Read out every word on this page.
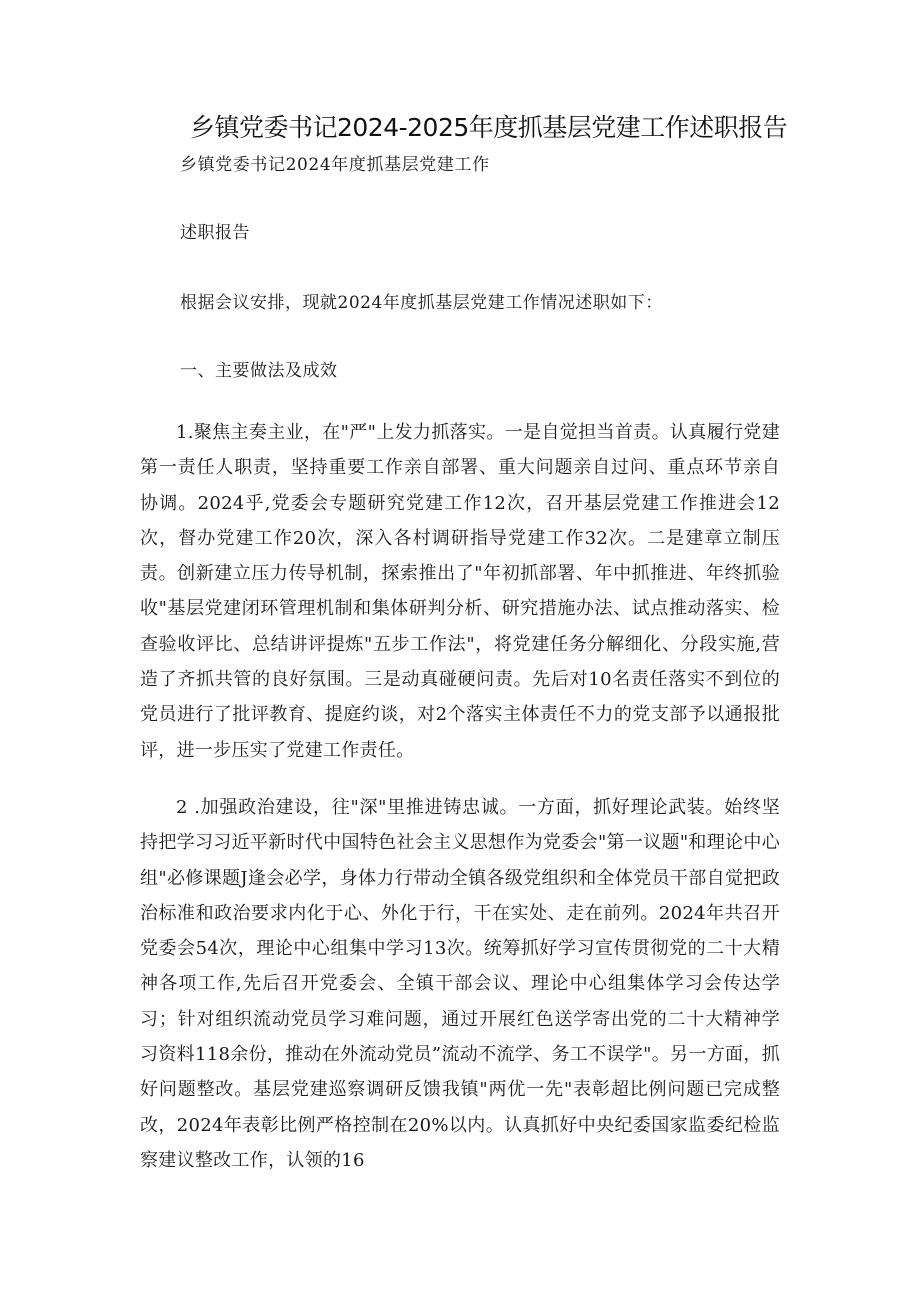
乡镇党委书记2024-2025年度抓基层党建工作述职报告
乡镇党委书记2024年度抓基层党建工作
述职报告
根据会议安排，现就2024年度抓基层党建工作情况述职如下：
一、主要做法及成效

1.聚焦主奏主业，在"严"上发力抓落实。一是自觉担当首责。认真履行党建第一责任人职责，坚持重要工作亲自部署、重大问题亲自过问、重点环节亲自协调。2024乎,党委会专题研究党建工作12次，召开基层党建工作推进会12次，督办党建工作20次，深入各村调研指导党建工作32次。二是建章立制压责。创新建立压力传导机制，探索推出了"年初抓部署、年中抓推进、年终抓验收"基层党建闭环管理机制和集体研判分析、研究措施办法、试点推动落实、检查验收评比、总结讲评提炼"五步工作法"，将党建任务分解细化、分段实施,营造了齐抓共管的良好氛围。三是动真碰硬问责。先后对10名责任落实不到位的党员进行了批评教育、提庭约谈，对2个落实主体责任不力的党支部予以通报批评，进一步压实了党建工作责任。

2 .加强政治建设，往"深"里推进铸忠诚。一方面，抓好理论武装。始终坚持把学习习近平新时代中国特色社会主义思想作为党委会"第一议题"和理论中心组"必修课题J逢会必学，身体力行带动全镇各级党组织和全体党员干部自觉把政治标准和政治要求内化于心、外化于行，干在实处、走在前列。2024年共召开党委会54次，理论中心组集中学习13次。统筹抓好学习宣传贯彻党的二十大精神各项工作,先后召开党委会、全镇干部会议、理论中心组集体学习会传达学习；针对组织流动党员学习难问题，通过开展红色送学寄出党的二十大精神学习资料118余份，推动在外流动党员”流动不流学、务工不误学"。另一方面，抓好问题整改。基层党建巡察调研反馈我镇"两优一先"表彰超比例问题已完成整改，2024年表彰比例严格控制在20%以内。认真抓好中央纪委国家监委纪检监察建议整改工作，认领的16
